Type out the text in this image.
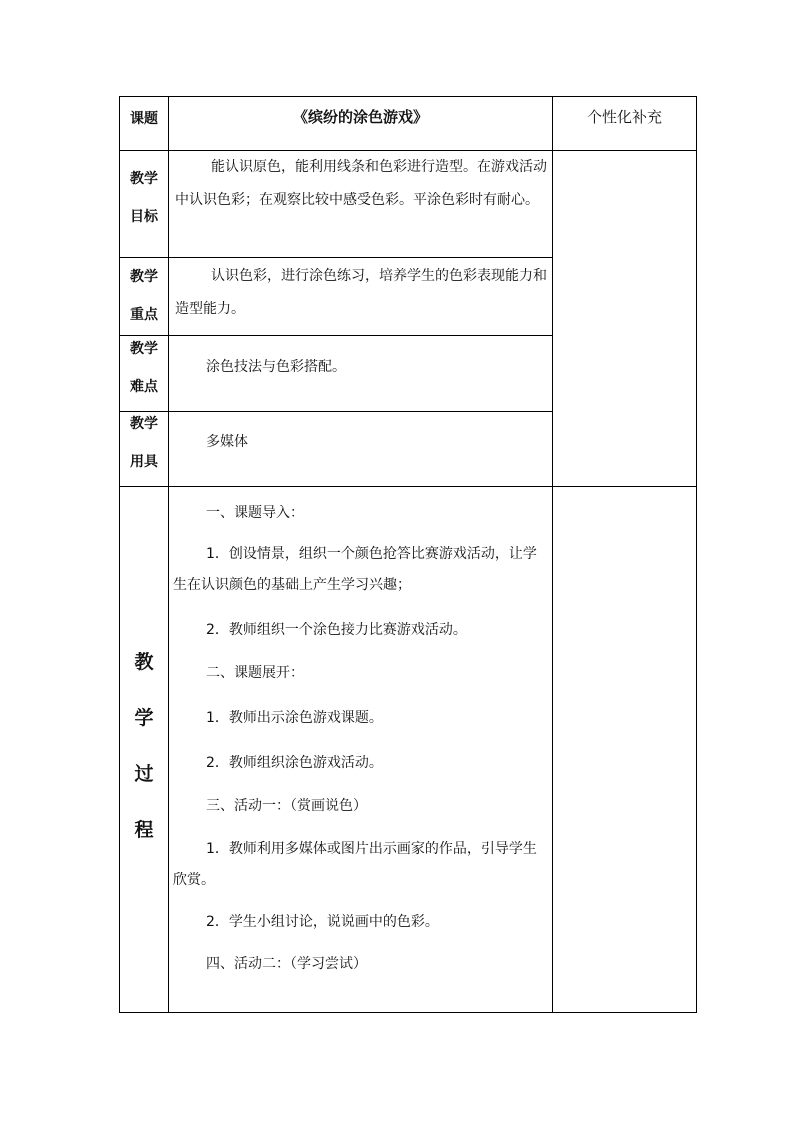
课题	《缤纷的涂色游戏》	个性化补充
教学
目标
能认识原色，能利用线条和色彩进行造型。在游戏活动中认识色彩；在观察比较中感受色彩。平涂色彩时有耐心。
教学
重点
认识色彩，进行涂色练习，培养学生的色彩表现能力和造型能力。
教学
难点
涂色技法与色彩搭配。
教学
用具
多媒体
教
学
过
程

一、课题导入：

1．创设情景，组织一个颜色抢答比赛游戏活动，让学生在认识颜色的基础上产生学习兴趣；

2．教师组织一个涂色接力比赛游戏活动。

二、课题展开：

1．教师出示涂色游戏课题。

2．教师组织涂色游戏活动。

三、活动一：（赏画说色）

1．教师利用多媒体或图片出示画家的作品，引导学生欣赏。

2．学生小组讨论，说说画中的色彩。

四、活动二：（学习尝试）
